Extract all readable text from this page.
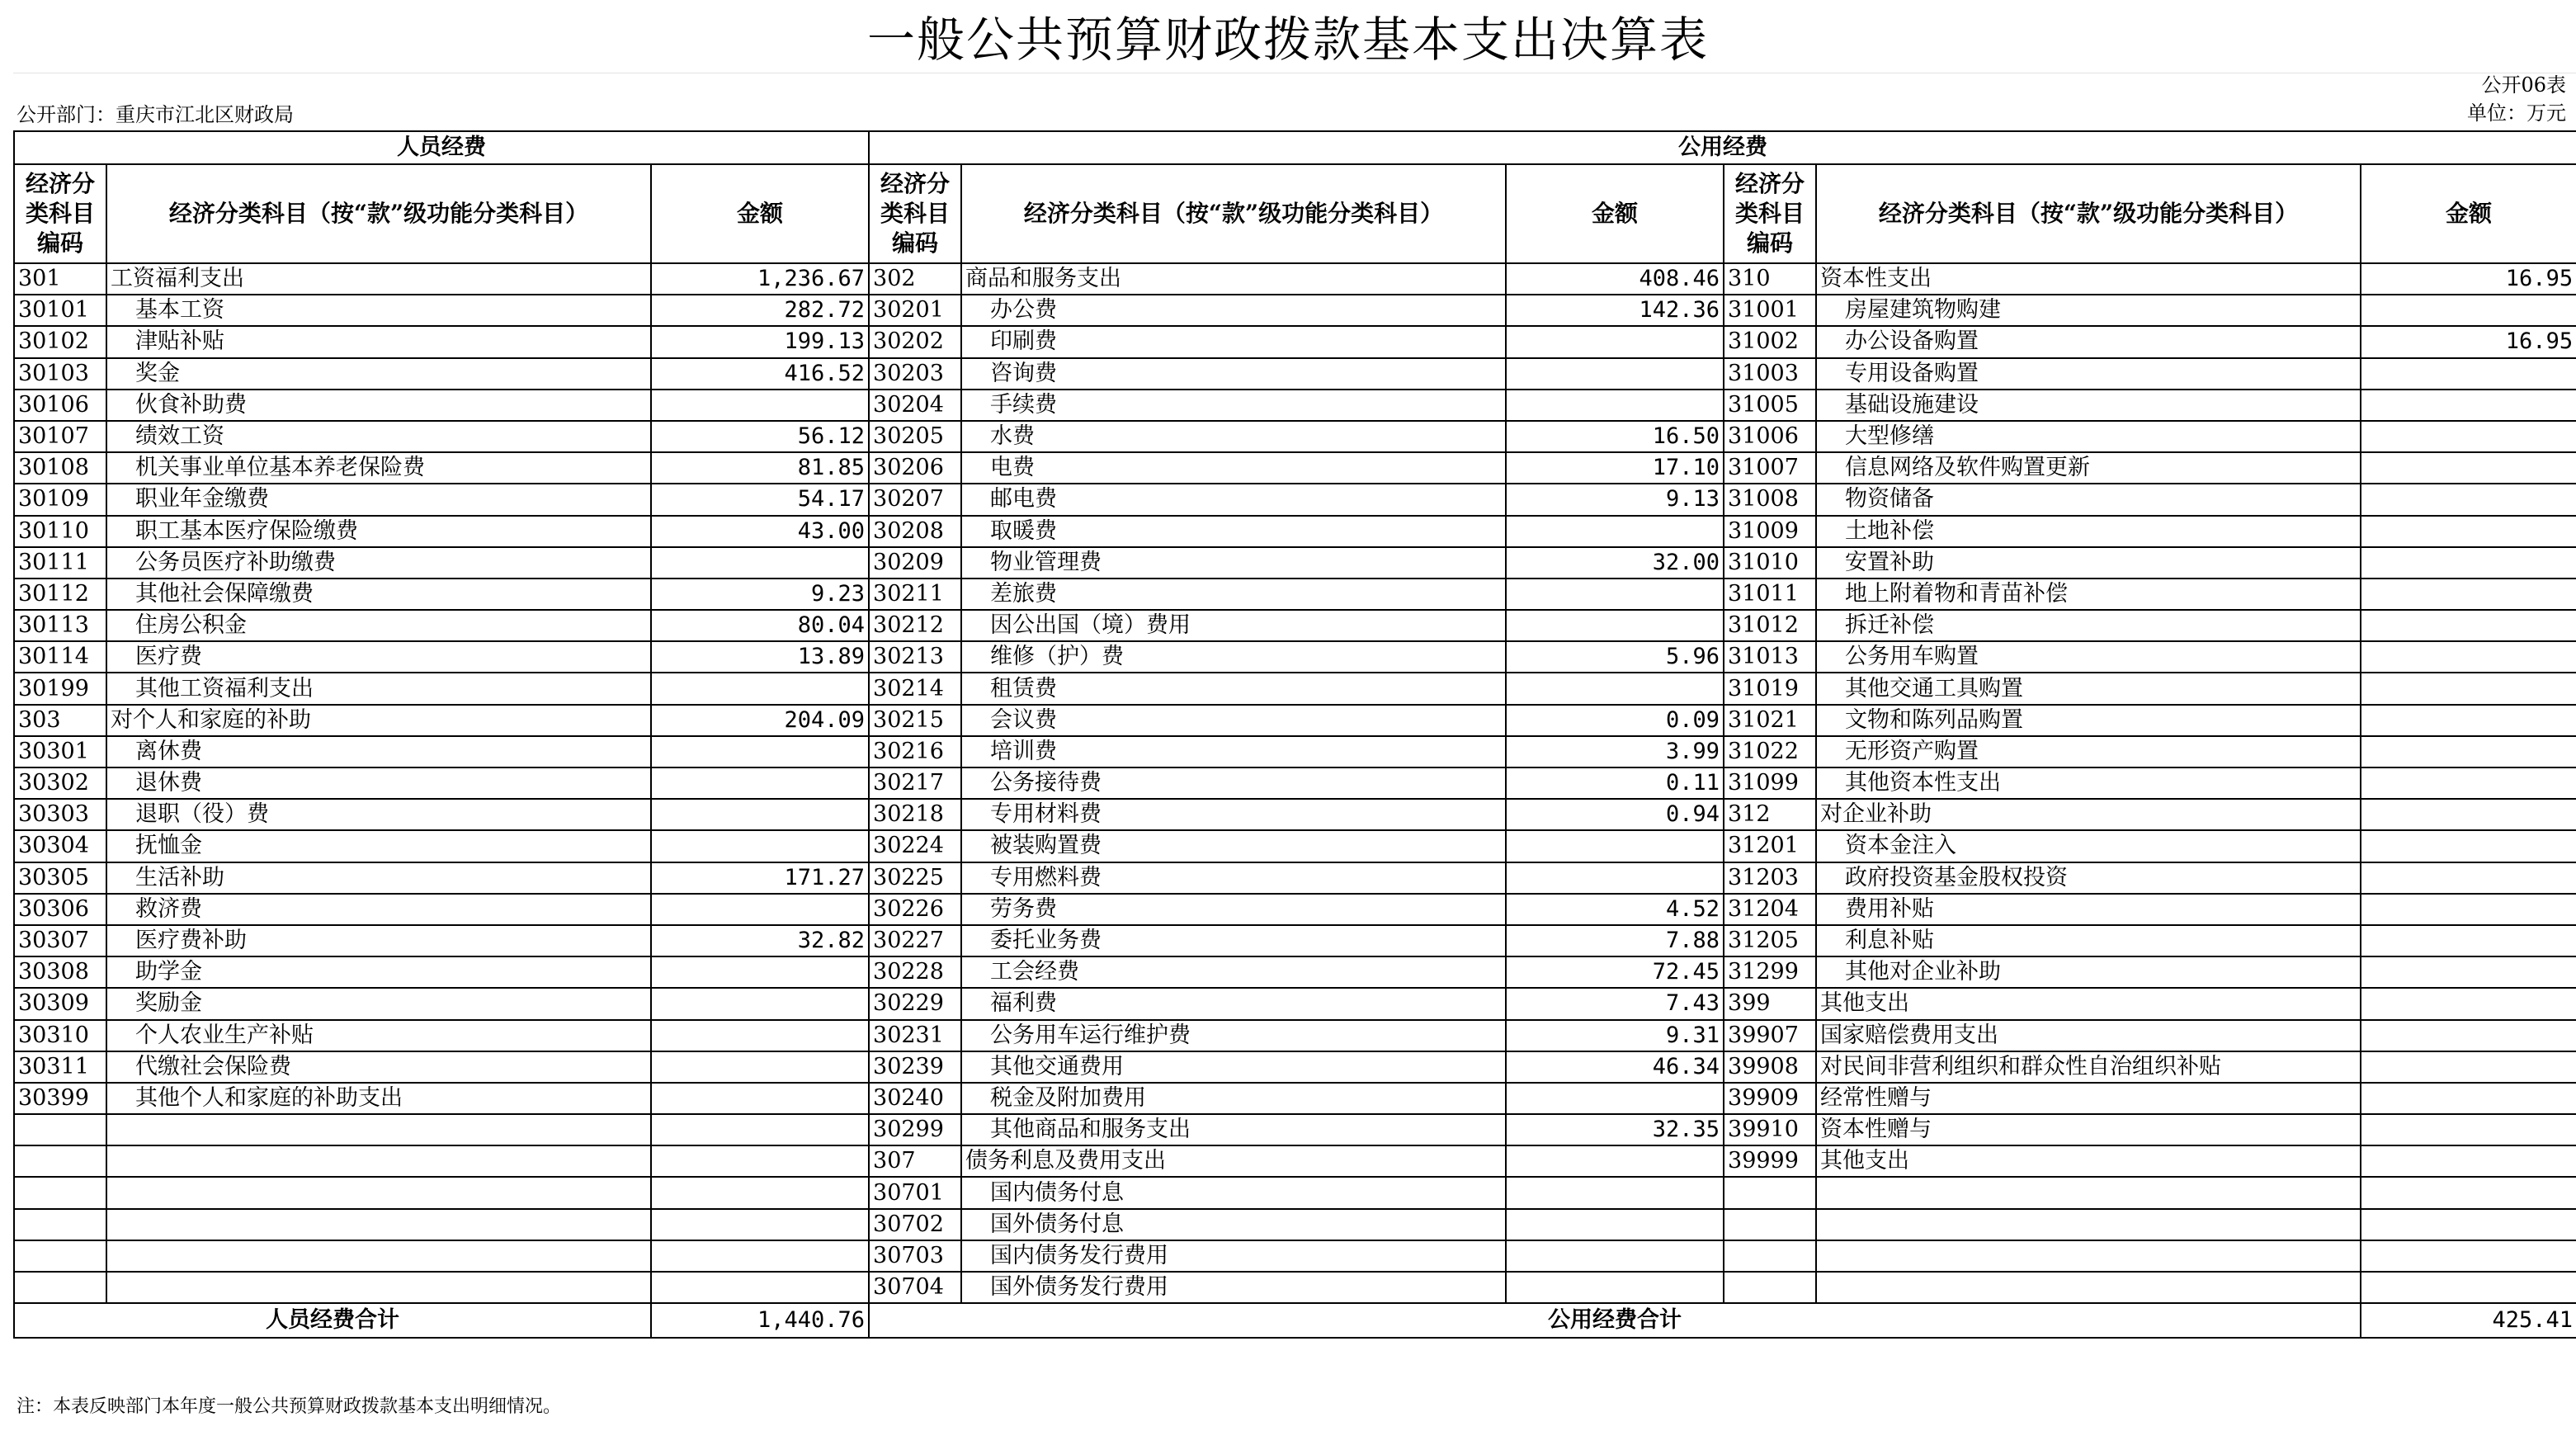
一般公共预算财政拨款基本支出决算表
公开06表
公开部门：重庆市江北区财政局	单位：万元
人员经费			公用经费					
经济分类科目编码	经济分类科目（按“款”级功能分类科目）	金额	经济分类科目编码	经济分类科目（按“款”级功能分类科目）	金额	经济分类科目编码	经济分类科目（按“款”级功能分类科目）	金额
301	工资福利支出	1,236.67	302	商品和服务支出	408.46	310	资本性支出	16.95
30101	基本工资	282.72	30201	办公费	142.36	31001	房屋建筑物购建	
30102	津贴补贴	199.13	30202	印刷费		31002	办公设备购置	16.95
30103	奖金	416.52	30203	咨询费		31003	专用设备购置	
30106	伙食补助费		30204	手续费		31005	基础设施建设	
30107	绩效工资	56.12	30205	水费	16.50	31006	大型修缮	
30108	机关事业单位基本养老保险费	81.85	30206	电费	17.10	31007	信息网络及软件购置更新	
30109	职业年金缴费	54.17	30207	邮电费	9.13	31008	物资储备	
30110	职工基本医疗保险缴费	43.00	30208	取暖费		31009	土地补偿	
30111	公务员医疗补助缴费		30209	物业管理费	32.00	31010	安置补助	
30112	其他社会保障缴费	9.23	30211	差旅费		31011	地上附着物和青苗补偿	
30113	住房公积金	80.04	30212	因公出国（境）费用		31012	拆迁补偿	
30114	医疗费	13.89	30213	维修（护）费	5.96	31013	公务用车购置	
30199	其他工资福利支出		30214	租赁费		31019	其他交通工具购置	
303	对个人和家庭的补助	204.09	30215	会议费	0.09	31021	文物和陈列品购置	
30301	离休费		30216	培训费	3.99	31022	无形资产购置	
30302	退休费		30217	公务接待费	0.11	31099	其他资本性支出	
30303	退职（役）费		30218	专用材料费	0.94	312	对企业补助	
30304	抚恤金		30224	被装购置费		31201	资本金注入	
30305	生活补助	171.27	30225	专用燃料费		31203	政府投资基金股权投资	
30306	救济费		30226	劳务费	4.52	31204	费用补贴	
30307	医疗费补助	32.82	30227	委托业务费	7.88	31205	利息补贴	
30308	助学金		30228	工会经费	72.45	31299	其他对企业补助	
30309	奖励金		30229	福利费	7.43	399	其他支出	
30310	个人农业生产补贴		30231	公务用车运行维护费	9.31	39907	国家赔偿费用支出	
30311	代缴社会保险费		30239	其他交通费用	46.34	39908	对民间非营利组织和群众性自治组织补贴	
30399	其他个人和家庭的补助支出		30240	税金及附加费用		39909	经常性赠与	
			30299	其他商品和服务支出	32.35	39910	资本性赠与	
			307	债务利息及费用支出		39999	其他支出	
			30701	国内债务付息				
			30702	国外债务付息				
			30703	国内债务发行费用				
			30704	国外债务发行费用				
人员经费合计		1,440.76	公用经费合计					425.41
注：本表反映部门本年度一般公共预算财政拨款基本支出明细情况。
